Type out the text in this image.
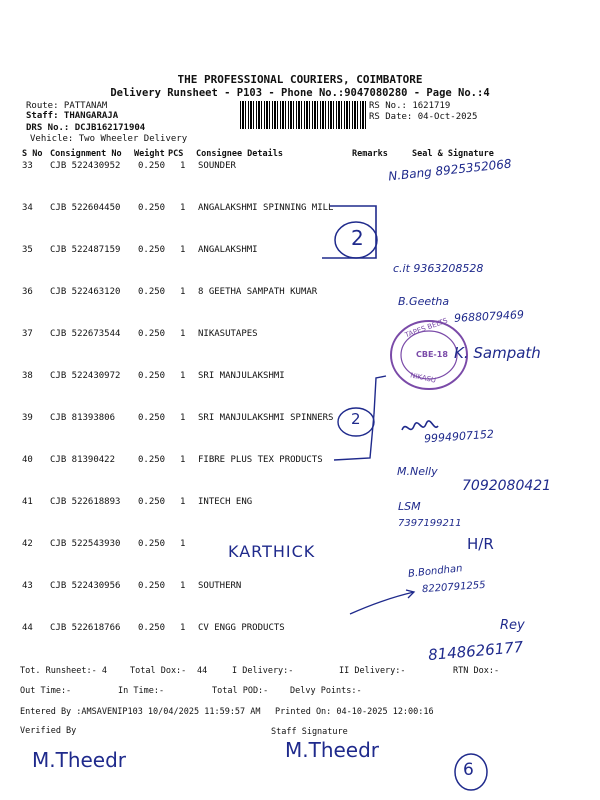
THE PROFESSIONAL COURIERS, COIMBATORE
Delivery Runsheet - P103 - Phone No.:9047080280 - Page No.:4
Route: PATTANAM
Staff: THANGARAJA
DRS No.: DCJB162171904
Vehicle: Two Wheeler Delivery
RS No.: 1621719
RS Date: 04-Oct-2025
S No Consignment No Weight PCS Consignee Details	Remarks	Seal & Signature
33 CJB 522430952 0.250 1 SOUNDER
34 CJB 522604450 0.250 1 ANGALAKSHMI SPINNING MILL
35 CJB 522487159 0.250 1 ANGALAKSHMI
36 CJB 522463120 0.250 1 8 GEETHA SAMPATH KUMAR
37 CJB 522673544 0.250 1 NIKASUTAPES
38 CJB 522430972 0.250 1 SRI MANJULAKSHMI
39 CJB 81393806	0.250 1 SRI MANJULAKSHMI SPINNERS
40 CJB 81390422	0.250 1 FIBRE PLUS TEX PRODUCTS
41 CJB 522618893 0.250 1 INTECH ENG
42 CJB 522543930 0.250 1
43 CJB 522430956 0.250 1 SOUTHERN
44 CJB 522618766 0.250 1 CV ENGG PRODUCTS
N.Bang 8925352068
2
c.it 9363208528
B.Geetha
9688079469
TAPES BELTS
CBE-18
NIKASU
K. Sampath
2
9994907152
M.Nelly
7092080421
LSM
7397199211
KARTHICK	H/R
B.Bondhan
8220791255
Rey
8148626177
Tot. Runsheet:- 4	Total Dox:- 44	I Delivery:-	II Delivery:-	RTN Dox:-
Out Time:-	In Time:-	Total POD:-	Delvy Points:-
Entered By :AMSAVENIP103 10/04/2025 11:59:57 AM Printed On: 04-10-2025 12:00:16
Verified By	Staff Signature
M.Theedr	M.Theedr
6
